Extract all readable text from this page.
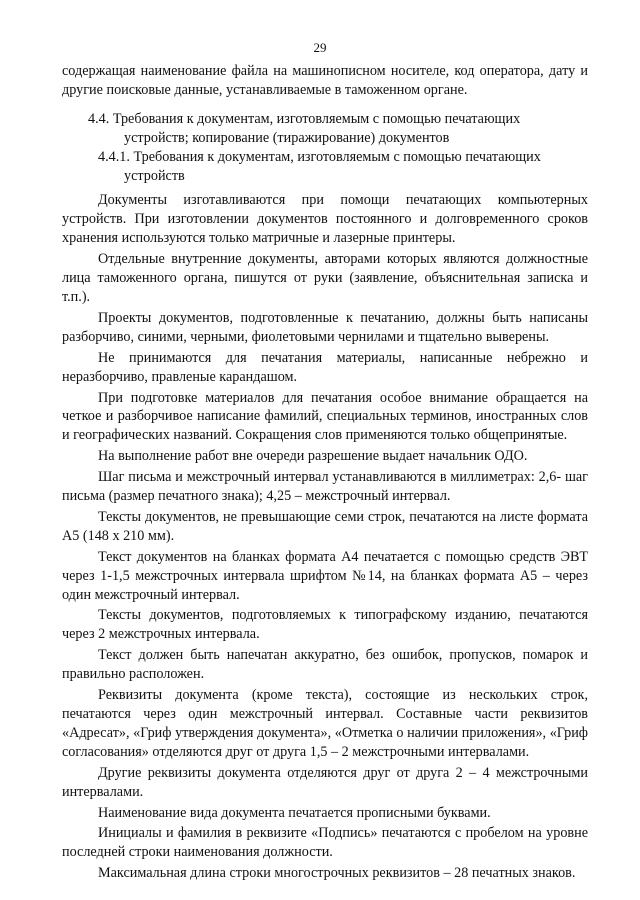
29

содержащая наименование файла на машинописном носителе, код оператора, дату и другие поисковые данные, устанавливаемые в таможенном органе.

4.4. Требования к документам, изготовляемым с помощью печатающих устройств; копирование (тиражирование) документов

4.4.1. Требования к документам, изготовляемым с помощью печатающих устройств

Документы изготавливаются при помощи печатающих компьютерных устройств. При изготовлении документов постоянного и долговременного сроков хранения используются только матричные и лазерные принтеры.

Отдельные внутренние документы, авторами которых являются должностные лица таможенного органа, пишутся от руки (заявление, объяснительная записка и т.п.).

Проекты документов, подготовленные к печатанию, должны быть написаны разборчиво, синими, черными, фиолетовыми чернилами и тщательно выверены.

Не принимаются для печатания материалы, написанные небрежно и неразборчиво, правленые карандашом.

При подготовке материалов для печатания особое внимание обращается на четкое и разборчивое написание фамилий, специальных терминов, иностранных слов и географических названий. Сокращения слов применяются только общепринятые.

На выполнение работ вне очереди разрешение выдает начальник ОДО.

Шаг письма и межстрочный интервал устанавливаются в миллиметрах: 2,6- шаг письма (размер печатного знака); 4,25 – межстрочный интервал.

Тексты документов, не превышающие семи строк, печатаются на листе формата А5 (148 х 210 мм).

Текст документов на бланках формата А4 печатается с помощью средств ЭВТ через 1-1,5 межстрочных интервала шрифтом №14, на бланках формата А5 – через один межстрочный интервал.

Тексты документов, подготовляемых к типографскому изданию, печатаются через 2 межстрочных интервала.

Текст должен быть напечатан аккуратно, без ошибок, пропусков, помарок и правильно расположен.

Реквизиты документа (кроме текста), состоящие из нескольких строк, печатаются через один межстрочный интервал. Составные части реквизитов «Адресат», «Гриф утверждения документа», «Отметка о наличии приложения», «Гриф согласования» отделяются друг от друга 1,5 – 2 межстрочными интервалами.

Другие реквизиты документа отделяются друг от друга 2 – 4 межстрочными интервалами.

Наименование вида документа печатается прописными буквами.

Инициалы и фамилия в реквизите «Подпись» печатаются с пробелом на уровне последней строки наименования должности.

Максимальная длина строки многострочных реквизитов – 28 печатных знаков.
